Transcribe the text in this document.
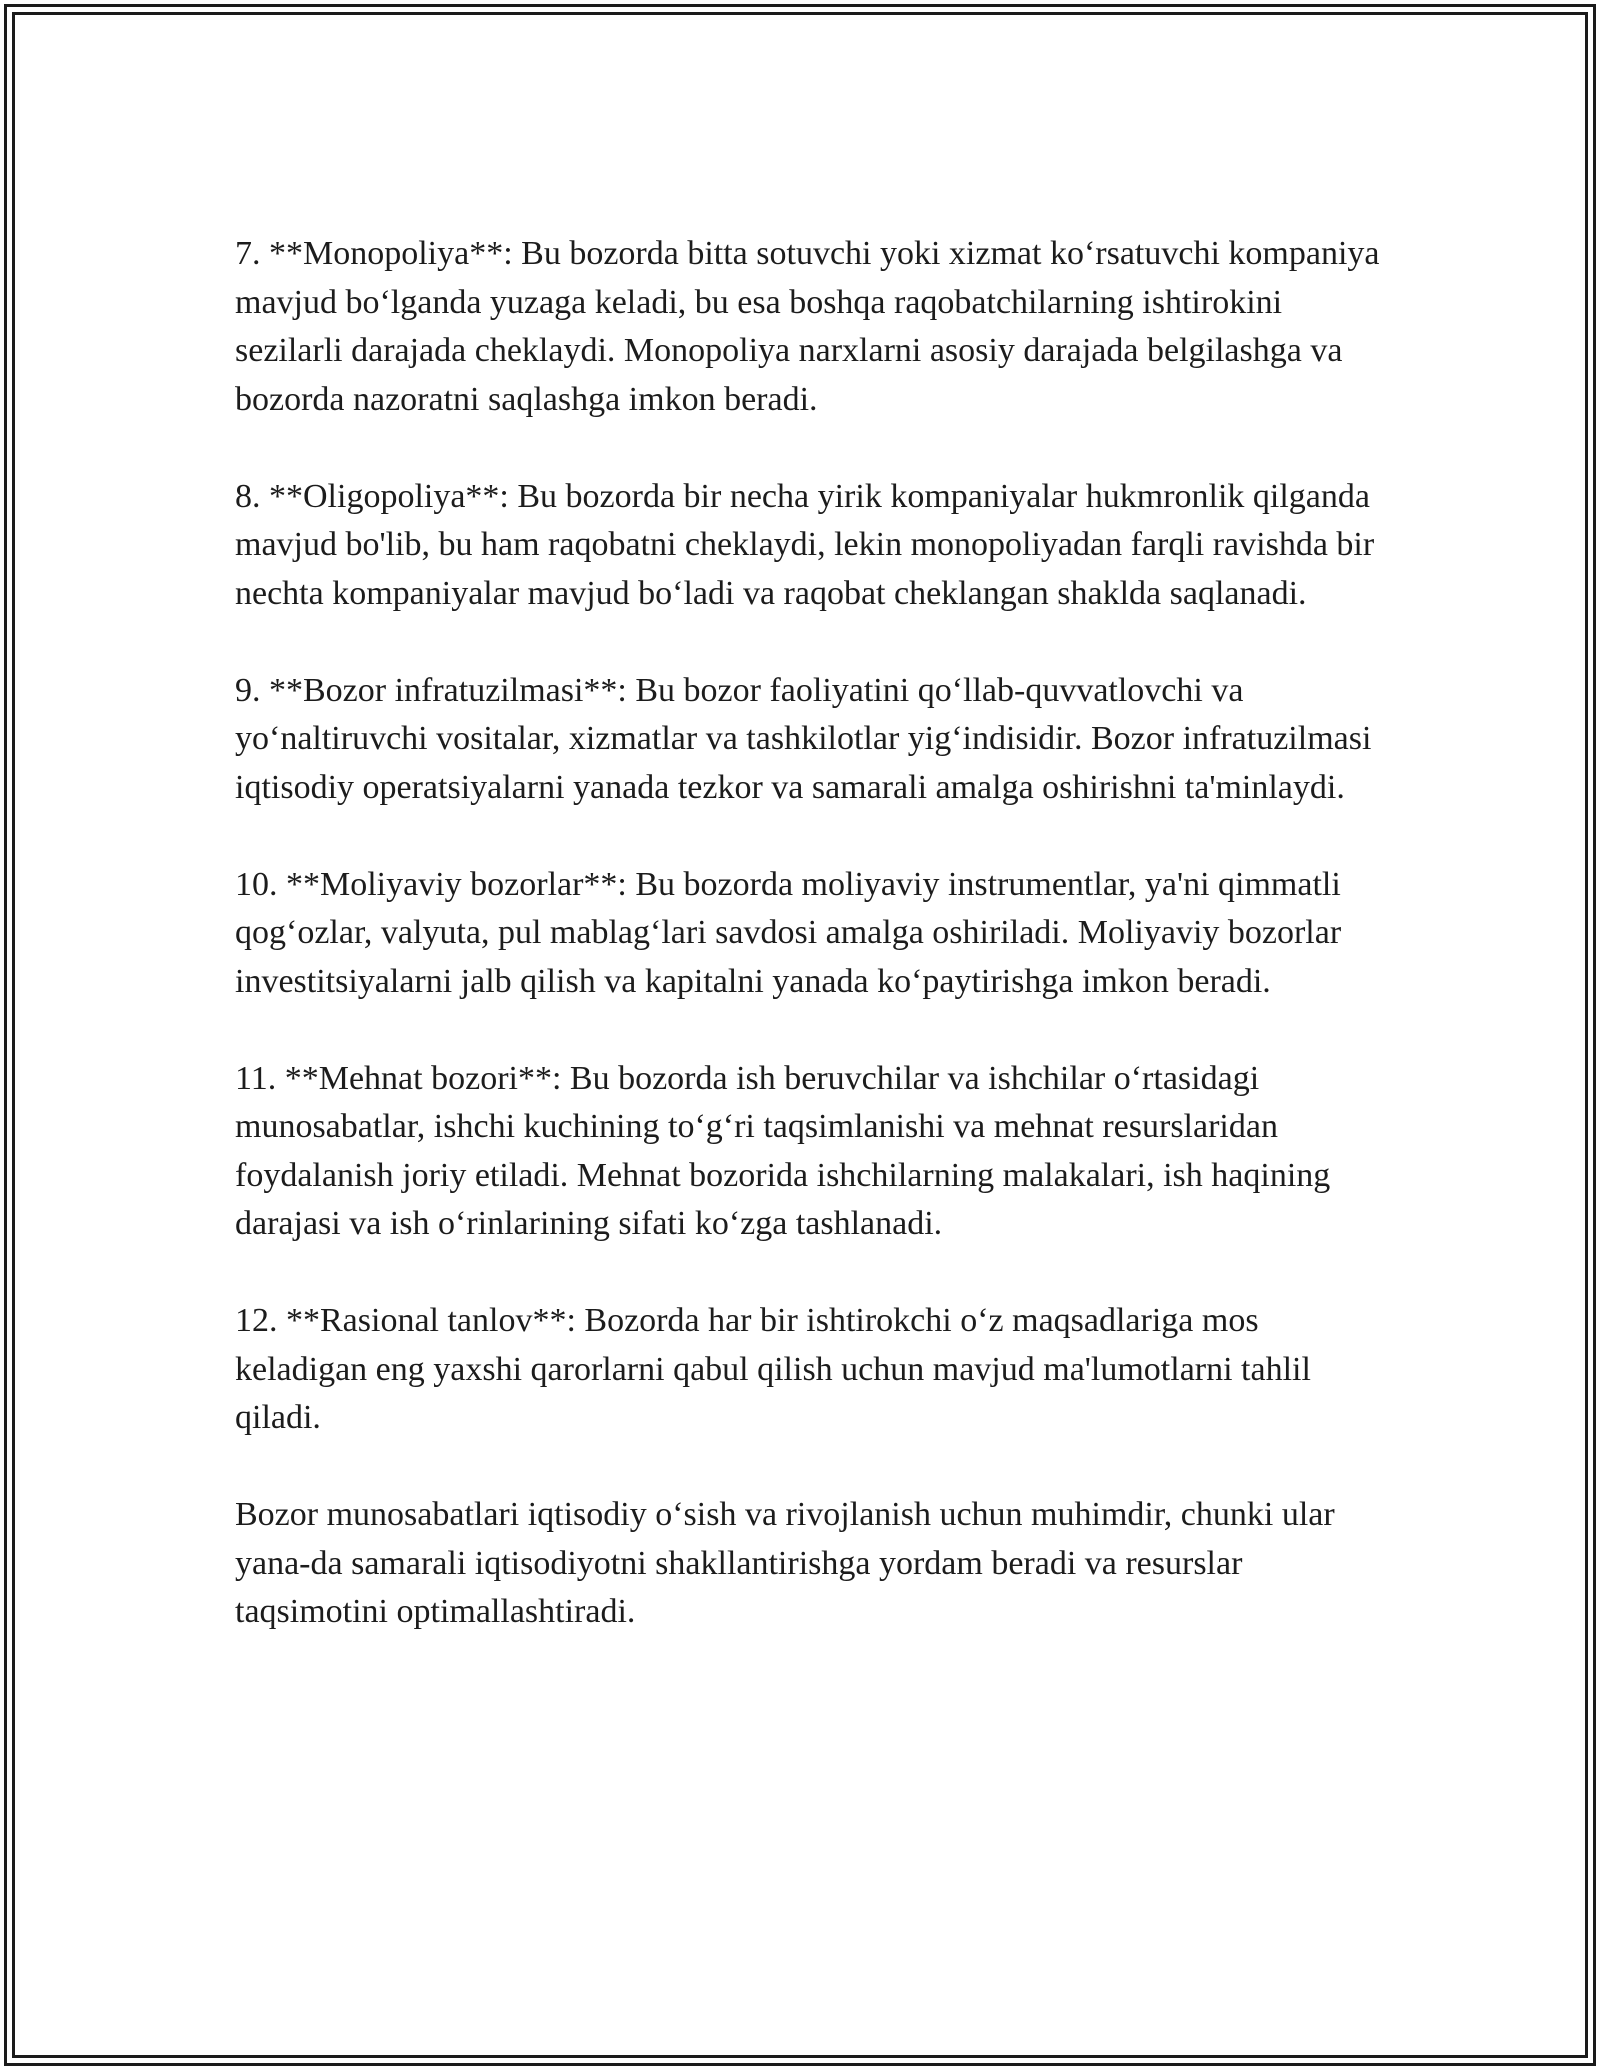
7. **Monopoliya**: Bu bozorda bitta sotuvchi yoki xizmat ko‘rsatuvchi kompaniya mavjud bo‘lganda yuzaga keladi, bu esa boshqa raqobatchilarning ishtirokini sezilarli darajada cheklaydi. Monopoliya narxlarni asosiy darajada belgilashga va bozorda nazoratni saqlashga imkon beradi.

8. **Oligopoliya**: Bu bozorda bir necha yirik kompaniyalar hukmronlik qilganda mavjud bo'lib, bu ham raqobatni cheklaydi, lekin monopoliyadan farqli ravishda bir nechta kompaniyalar mavjud bo‘ladi va raqobat cheklangan shaklda saqlanadi.

9. **Bozor infratuzilmasi**: Bu bozor faoliyatini qo‘llab-quvvatlovchi va yo‘naltiruvchi vositalar, xizmatlar va tashkilotlar yig‘indisidir. Bozor infratuzilmasi iqtisodiy operatsiyalarni yanada tezkor va samarali amalga oshirishni ta'minlaydi.

10. **Moliyaviy bozorlar**: Bu bozorda moliyaviy instrumentlar, ya'ni qimmatli qog‘ozlar, valyuta, pul mablag‘lari savdosi amalga oshiriladi. Moliyaviy bozorlar investitsiyalarni jalb qilish va kapitalni yanada ko‘paytirishga imkon beradi.

11. **Mehnat bozori**: Bu bozorda ish beruvchilar va ishchilar o‘rtasidagi munosabatlar, ishchi kuchining to‘g‘ri taqsimlanishi va mehnat resurslaridan foydalanish joriy etiladi. Mehnat bozorida ishchilarning malakalari, ish haqining darajasi va ish o‘rinlarining sifati ko‘zga tashlanadi.

12. **Rasional tanlov**: Bozorda har bir ishtirokchi o‘z maqsadlariga mos keladigan eng yaxshi qarorlarni qabul qilish uchun mavjud ma'lumotlarni tahlil qiladi.

Bozor munosabatlari iqtisodiy o‘sish va rivojlanish uchun muhimdir, chunki ular yana-da samarali iqtisodiyotni shakllantirishga yordam beradi va resurslar taqsimotini optimallashtiradi.
